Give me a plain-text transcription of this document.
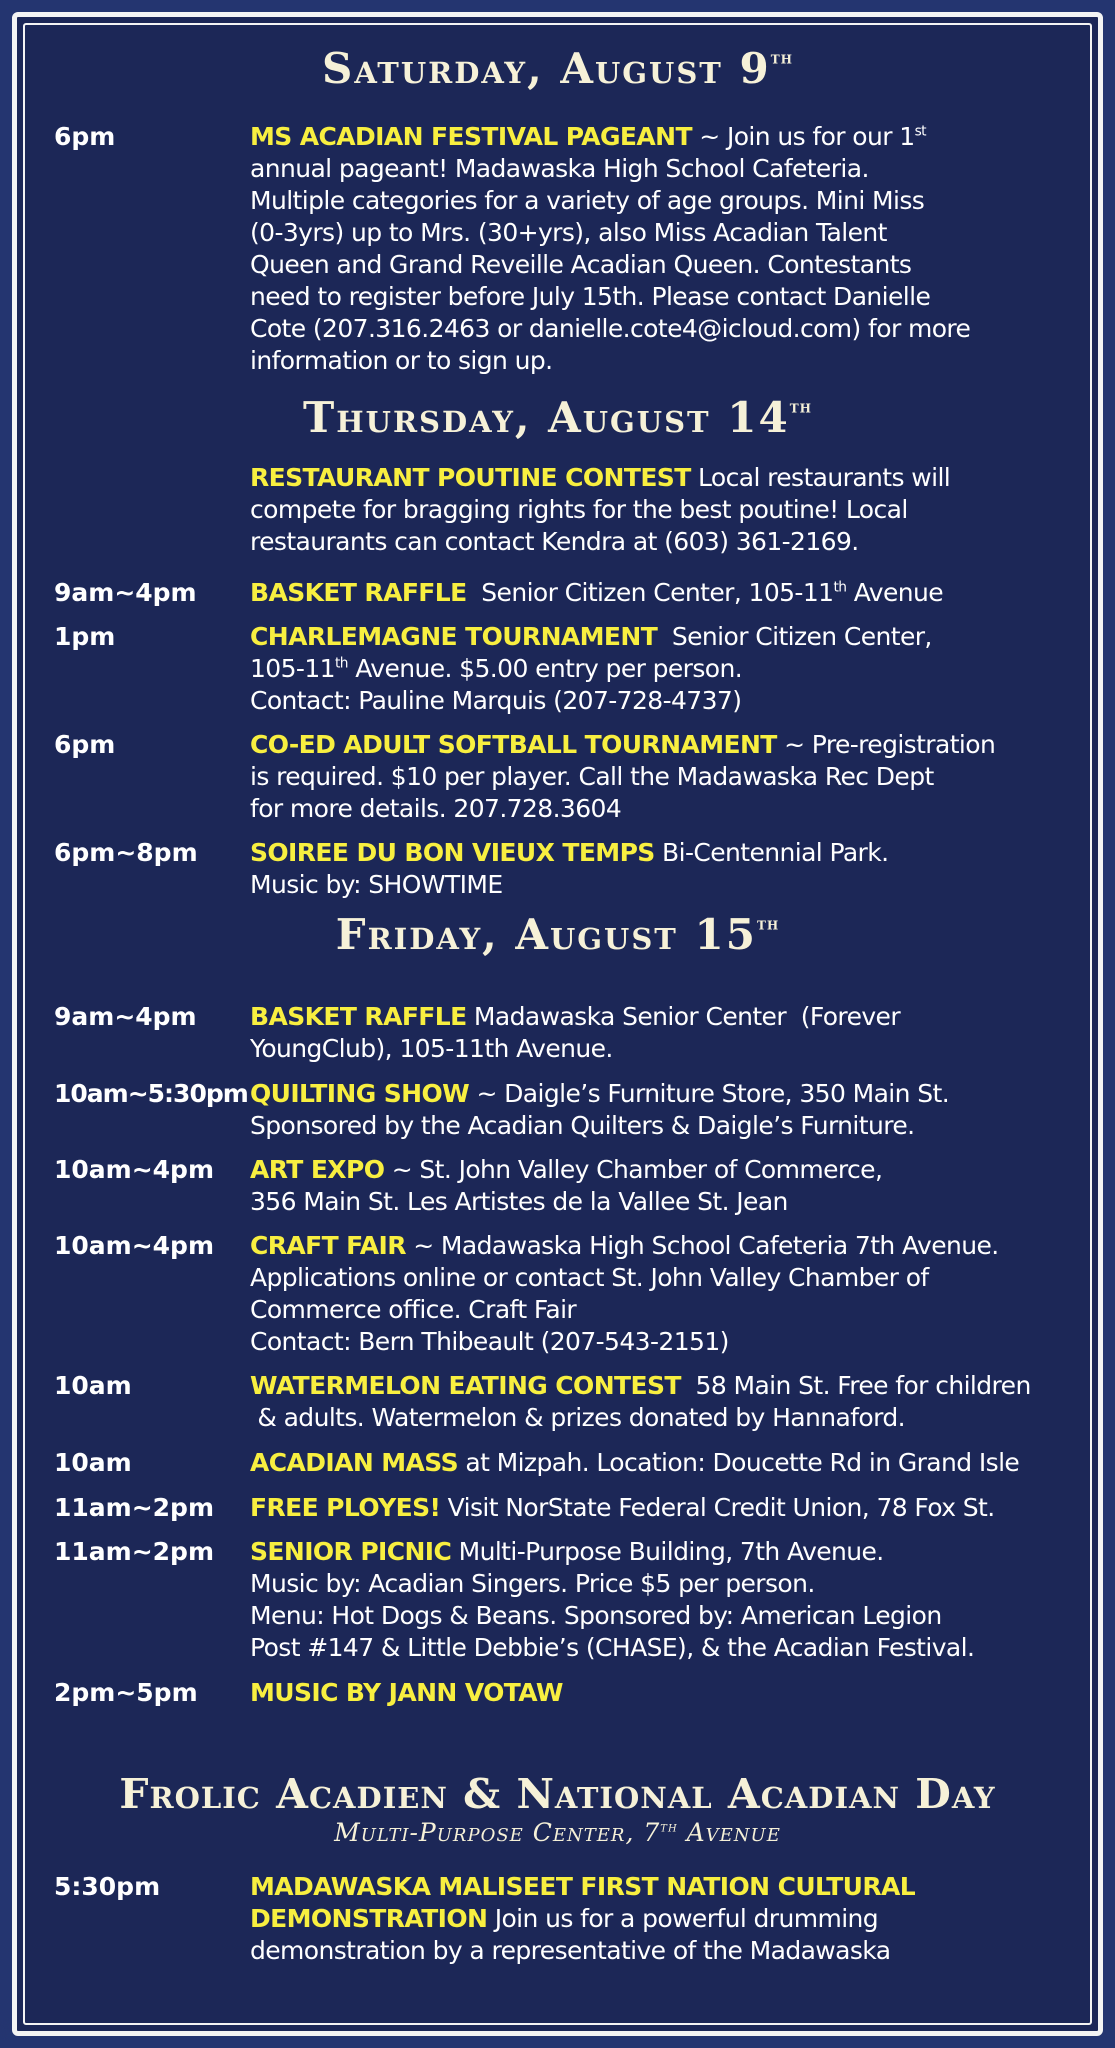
Saturday, August 9th
6pm	MS ACADIAN FESTIVAL PAGEANT ~ Join us for our 1st
annual pageant! Madawaska High School Cafeteria.
Multiple categories for a variety of age groups. Mini Miss
(0-3yrs) up to Mrs. (30+yrs), also Miss Acadian Talent
Queen and Grand Reveille Acadian Queen. Contestants
need to register before July 15th. Please contact Danielle
Cote (207.316.2463 or danielle.cote4@icloud.com) for more
information or to sign up.
Thursday, August 14th
RESTAURANT POUTINE CONTEST Local restaurants will
compete for bragging rights for the best poutine! Local
restaurants can contact Kendra at (603) 361-2169.
9am~4pm BASKET RAFFLE  Senior Citizen Center, 105-11th Avenue
1pm	CHARLEMAGNE TOURNAMENT  Senior Citizen Center,
105-11th Avenue. $5.00 entry per person.
Contact: Pauline Marquis (207-728-4737)
6pm	CO-ED ADULT SOFTBALL TOURNAMENT ~ Pre-registration
is required. $10 per player. Call the Madawaska Rec Dept
for more details. 207.728.3604
6pm~8pm SOIREE DU BON VIEUX TEMPS Bi-Centennial Park.
Music by: SHOWTIME
Friday, August 15th
9am~4pm BASKET RAFFLE Madawaska Senior Center  (Forever
YoungClub), 105-11th Avenue.
10am~5:30pm QUILTING SHOW ~ Daigle’s Furniture Store, 350 Main St.
Sponsored by the Acadian Quilters & Daigle’s Furniture.
10am~4pm ART EXPO ~ St. John Valley Chamber of Commerce,
356 Main St. Les Artistes de la Vallee St. Jean
10am~4pm CRAFT FAIR ~ Madawaska High School Cafeteria 7th Avenue.
Applications online or contact St. John Valley Chamber of
Commerce office. Craft Fair
Contact: Bern Thibeault (207-543-2151)
10am	WATERMELON EATING CONTEST  58 Main St. Free for children
& adults. Watermelon & prizes donated by Hannaford.
10am	ACADIAN MASS at Mizpah. Location: Doucette Rd in Grand Isle
11am~2pm FREE PLOYES! Visit NorState Federal Credit Union, 78 Fox St.
11am~2pm SENIOR PICNIC Multi-Purpose Building, 7th Avenue.
Music by: Acadian Singers. Price $5 per person.
Menu: Hot Dogs & Beans. Sponsored by: American Legion
Post #147 & Little Debbie’s (CHASE), & the Acadian Festival.
2pm~5pm MUSIC BY JANN VOTAW
Frolic Acadien & National Acadian Day
Multi-Purpose Center, 7th Avenue
5:30pm	MADAWASKA MALISEET FIRST NATION CULTURAL
DEMONSTRATION Join us for a powerful drumming
demonstration by a representative of the Madawaska
